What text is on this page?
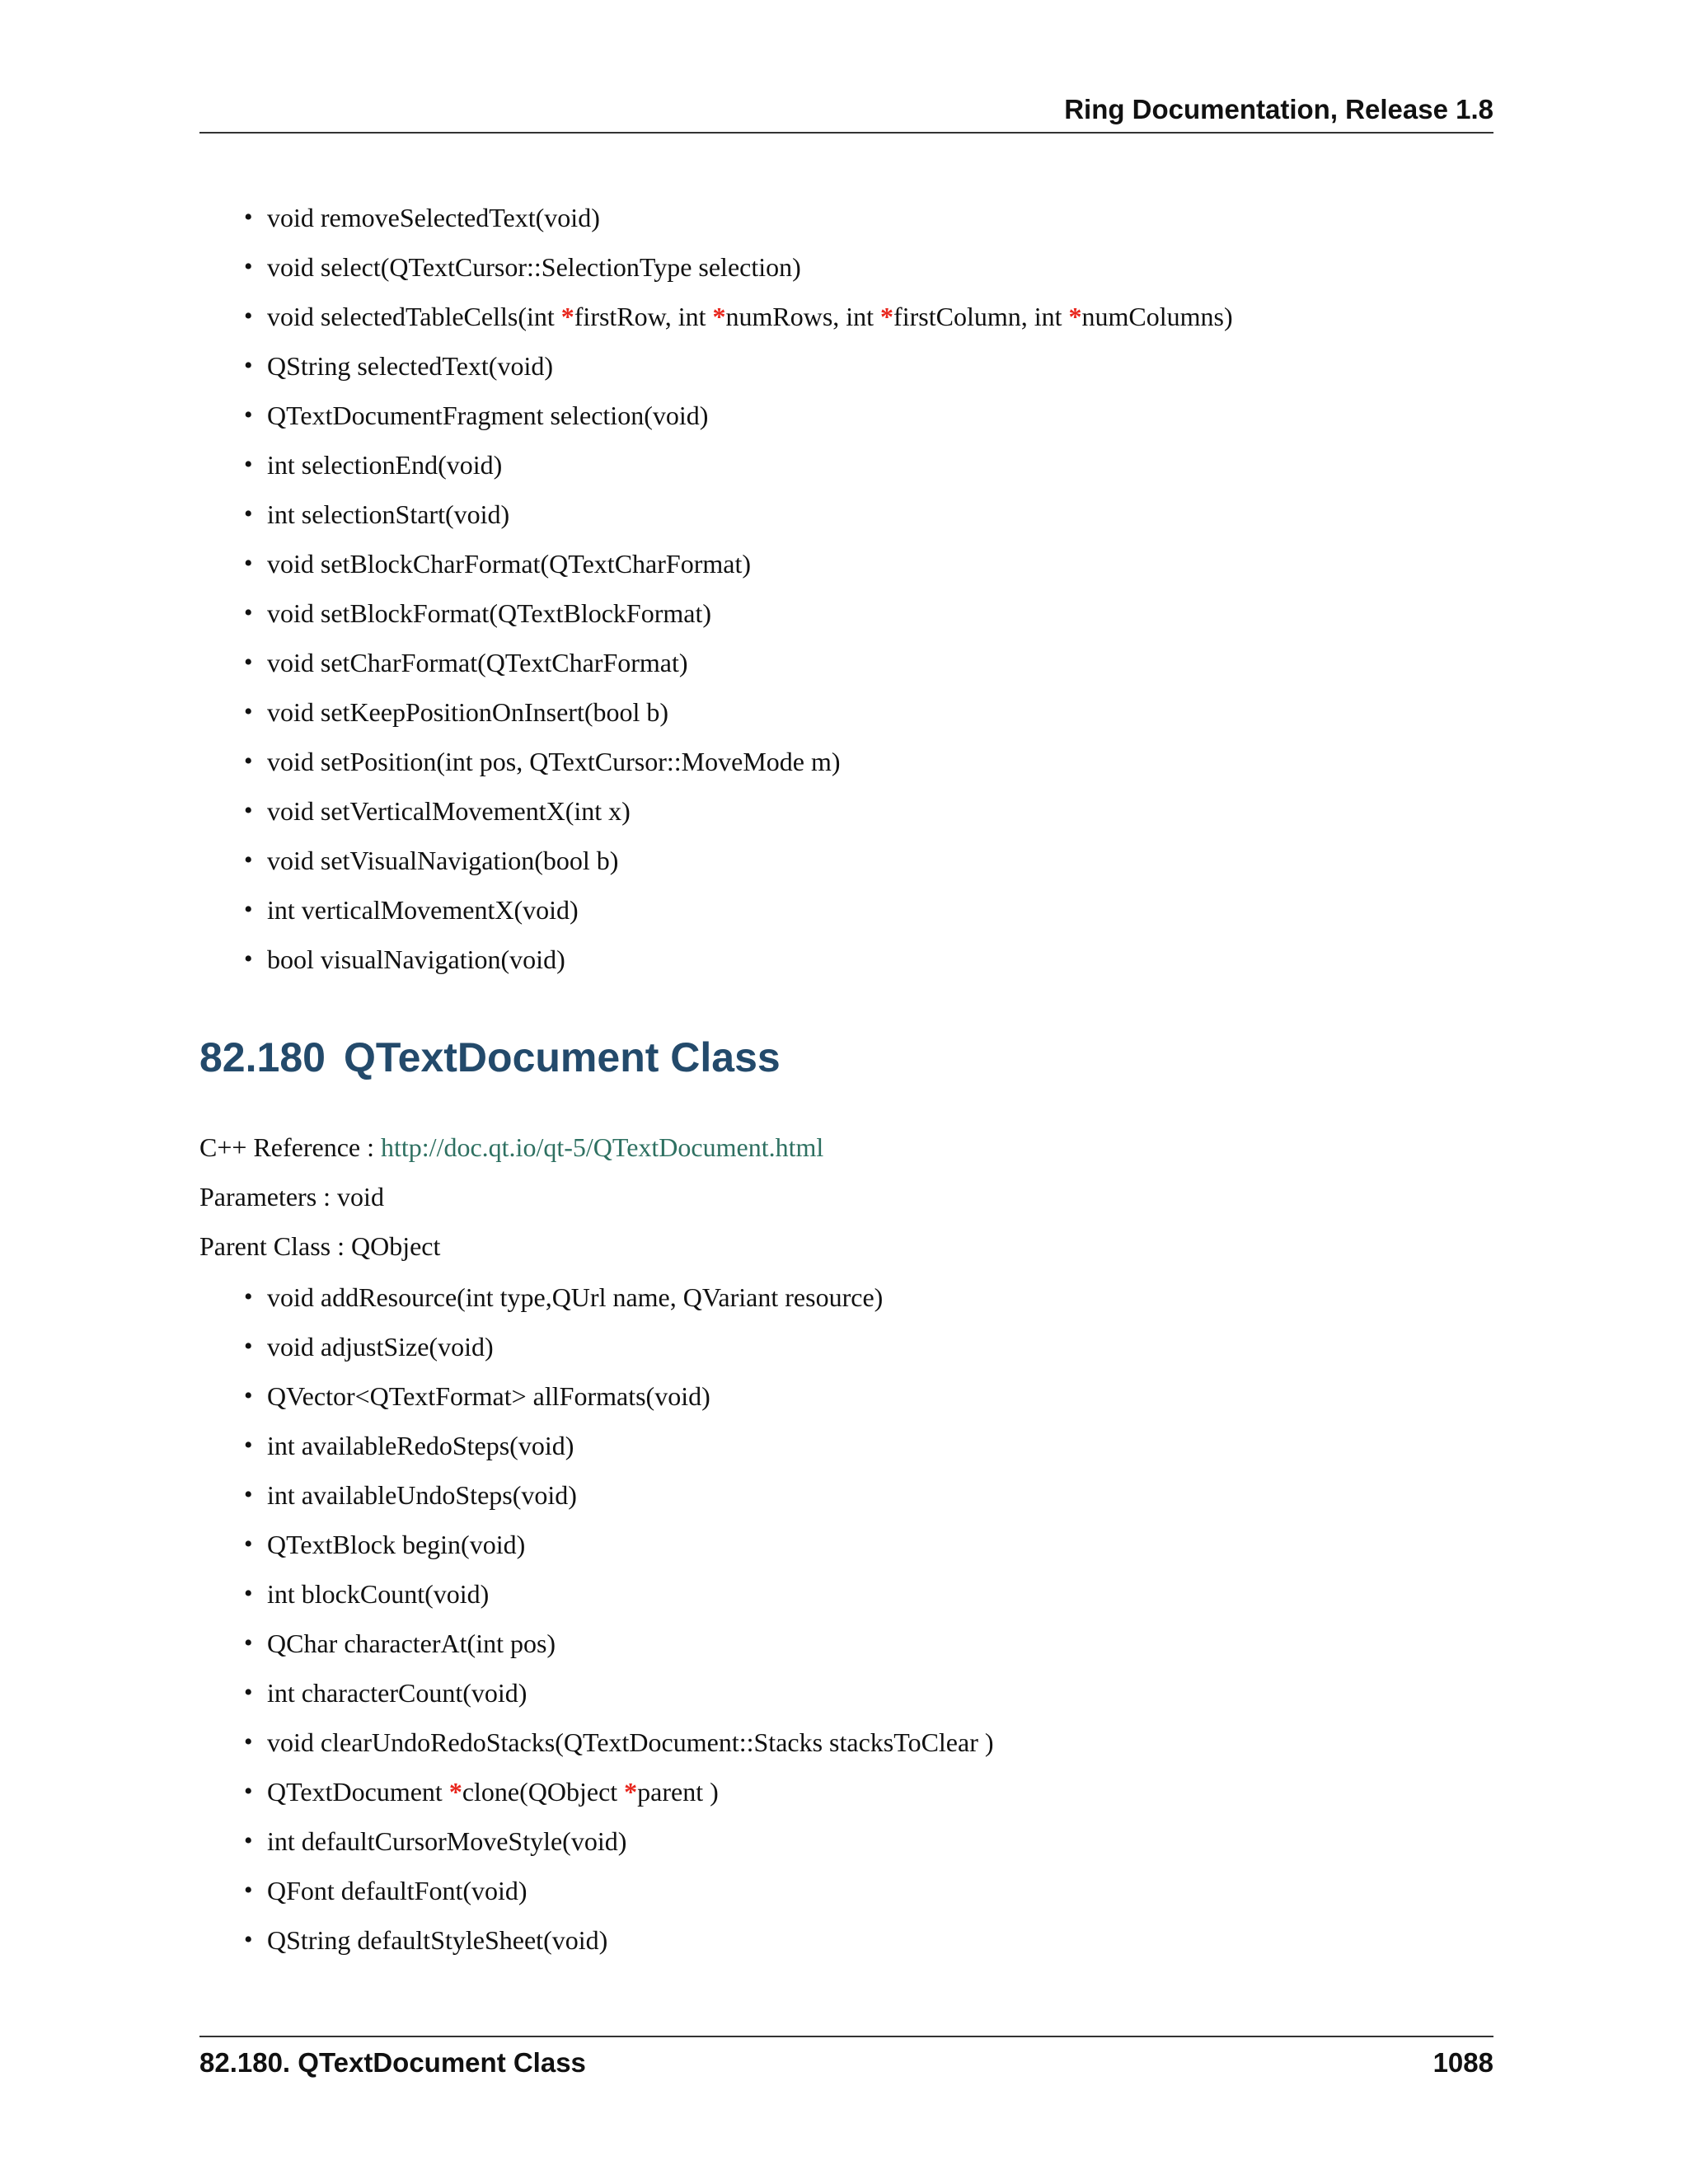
Ring Documentation, Release 1.8
• void removeSelectedText(void)
• void select(QTextCursor::SelectionType selection)
• void selectedTableCells(int *firstRow, int *numRows, int *firstColumn, int *numColumns)
• QString selectedText(void)
• QTextDocumentFragment selection(void)
• int selectionEnd(void)
• int selectionStart(void)
• void setBlockCharFormat(QTextCharFormat)
• void setBlockFormat(QTextBlockFormat)
• void setCharFormat(QTextCharFormat)
• void setKeepPositionOnInsert(bool b)
• void setPosition(int pos, QTextCursor::MoveMode m)
• void setVerticalMovementX(int x)
• void setVisualNavigation(bool b)
• int verticalMovementX(void)
• bool visualNavigation(void)
82.180 QTextDocument Class
C++ Reference : http://doc.qt.io/qt-5/QTextDocument.html
Parameters : void
Parent Class : QObject
• void addResource(int type,QUrl name, QVariant resource)
• void adjustSize(void)
• QVector<QTextFormat> allFormats(void)
• int availableRedoSteps(void)
• int availableUndoSteps(void)
• QTextBlock begin(void)
• int blockCount(void)
• QChar characterAt(int pos)
• int characterCount(void)
• void clearUndoRedoStacks(QTextDocument::Stacks stacksToClear )
• QTextDocument *clone(QObject *parent )
• int defaultCursorMoveStyle(void)
• QFont defaultFont(void)
• QString defaultStyleSheet(void)
82.180. QTextDocument Class	1088
